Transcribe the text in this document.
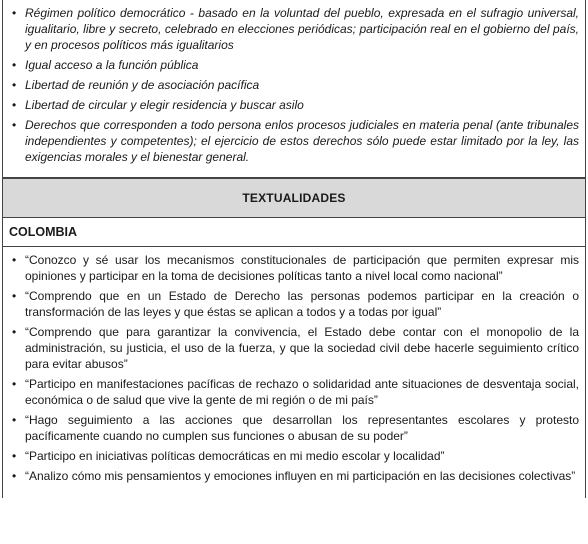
• Régimen político democrático - basado en la voluntad del pueblo, expresada en el sufragio universal, igualitario, libre y secreto, celebrado en elecciones periódicas; participación real en el gobierno del país, y en procesos políticos más igualitarios
• Igual acceso a la función pública
• Libertad de reunión y de asociación pacífica
• Libertad de circular y elegir residencia y buscar asilo
• Derechos que corresponden a todo persona enlos procesos judiciales en materia penal (ante tribunales independientes y competentes); el ejercicio de estos derechos sólo puede estar limitado por la ley, las exigencias morales y el bienestar general.
TEXTUALIDADES
COLOMBIA
• “Conozco y sé usar los mecanismos constitucionales de participación que permiten expresar mis opiniones y participar en la toma de decisiones políticas tanto a nivel local como nacional”
• “Comprendo que en un Estado de Derecho las personas podemos participar en la creación o transformación de las leyes y que éstas se aplican a todos y a todas por igual”
• “Comprendo que para garantizar la convivencia, el Estado debe contar con el monopolio de la administración, su justicia, el uso de la fuerza, y que la sociedad civil debe hacerle seguimiento crítico para evitar abusos”
• “Participo en manifestaciones pacíficas de rechazo o solidaridad ante situaciones de desventaja social, económica o de salud que vive la gente de mi región o de mi país”
• “Hago seguimiento a las acciones que desarrollan los representantes escolares y protesto pacíficamente cuando no cumplen sus funciones o abusan de su poder”
• “Participo en iniciativas políticas democráticas en mi medio escolar y localidad”
• “Analizo cómo mis pensamientos y emociones influyen en mi participación en las decisiones colectivas”
